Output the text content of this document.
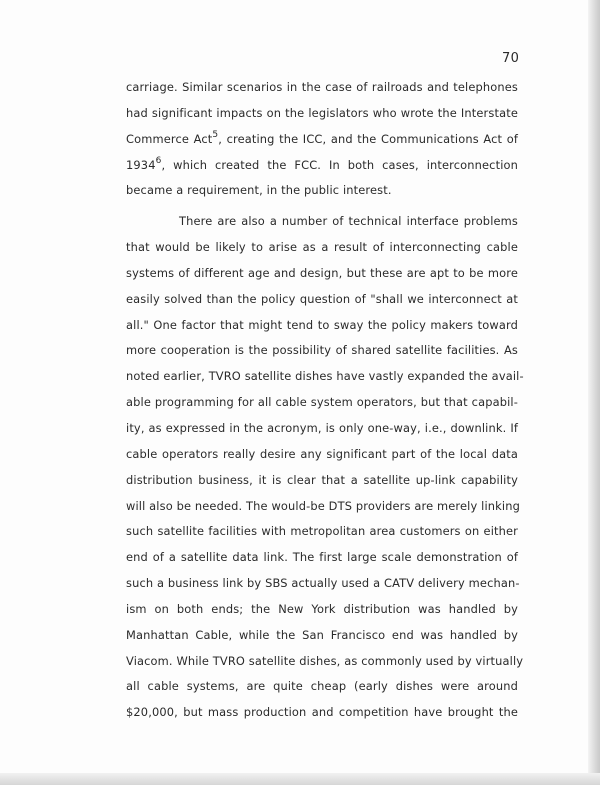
70

carriage. Similar scenarios in the case of railroads and telephones
had significant impacts on the legislators who wrote the Interstate
Commerce Act$^5$, creating the ICC, and the Communications Act of
1934$^6$, which created the FCC. In both cases, interconnection
became a requirement, in the public interest.

There are also a number of technical interface problems
that would be likely to arise as a result of interconnecting cable
systems of different age and design, but these are apt to be more
easily solved than the policy question of "shall we interconnect at
all." One factor that might tend to sway the policy makers toward
more cooperation is the possibility of shared satellite facilities. As
noted earlier, TVRO satellite dishes have vastly expanded the avail-
able programming for all cable system operators, but that capabil-
ity, as expressed in the acronym, is only one-way, i.e., downlink. If
cable operators really desire any significant part of the local data
distribution business, it is clear that a satellite up-link capability
will also be needed. The would-be DTS providers are merely linking
such satellite facilities with metropolitan area customers on either
end of a satellite data link. The first large scale demonstration of
such a business link by SBS actually used a CATV delivery mechan-
ism on both ends; the New York distribution was handled by
Manhattan Cable, while the San Francisco end was handled by
Viacom. While TVRO satellite dishes, as commonly used by virtually
all cable systems, are quite cheap (early dishes were around
$20,000, but mass production and competition have brought the
